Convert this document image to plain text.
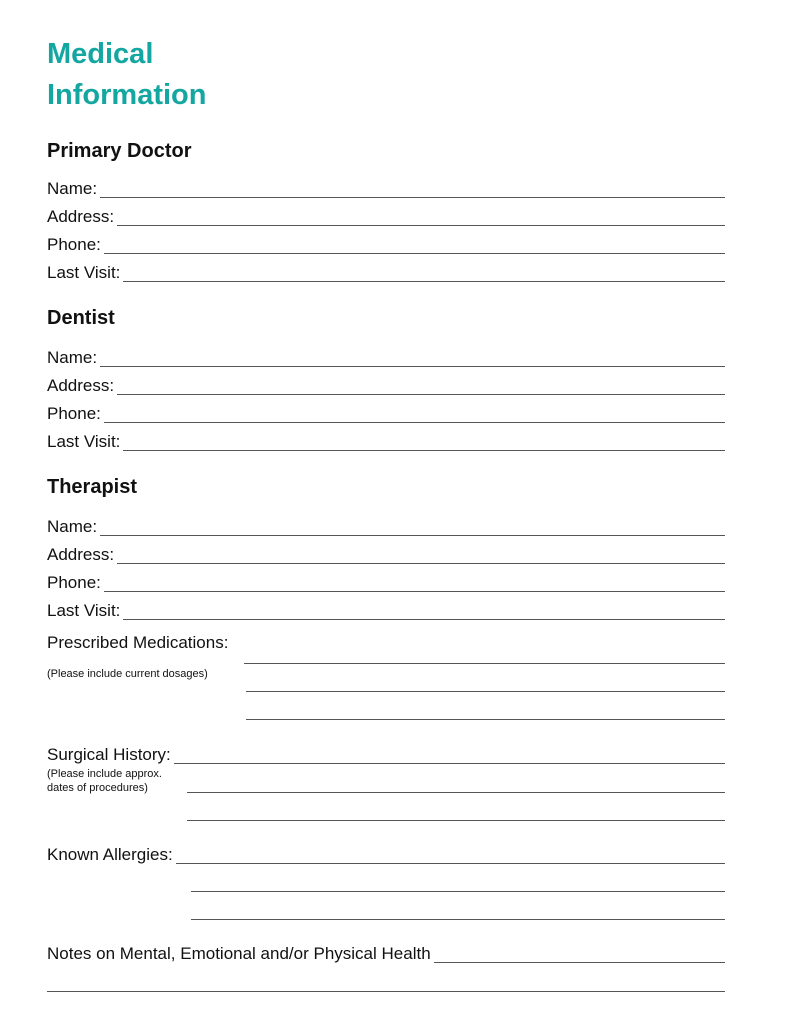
Medical
Information
Primary Doctor
Name:
Address:
Phone:
Last Visit:
Dentist
Name:
Address:
Phone:
Last Visit:
Therapist
Name:
Address:
Phone:
Last Visit:
Prescribed Medications:

(Please include current dosages)

Surgical History:

(Please include approx.

dates of procedures)

Known Allergies:
Notes on Mental, Emotional and/or Physical Health
